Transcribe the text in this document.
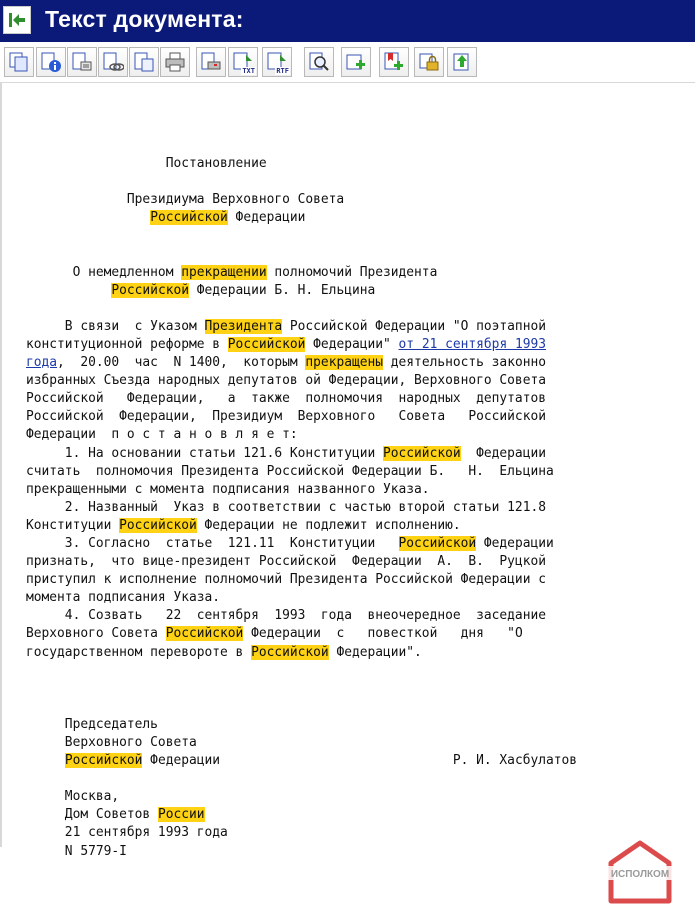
Текст документа:
TXT	RTF
Постановление

Президиума Верховного Совета
Российской Федерации

О немедленном прекращении полномочий Президента
Российской Федерации Б. Н. Ельцина

В связи  с Указом Президента Российской Федерации "О поэтапной
конституционной реформе в Российской Федерации" от 21 сентября 1993
года,  20.00  час  N 1400,  которым прекращены деятельность законно
избранных Съезда народных депутатов ой Федерации, Верховного Совета
Российской   Федерации,   а  также  полномочия  народных  депутатов
Российской  Федерации,  Президиум  Верховного   Совета   Российской
Федерации  п о с т а н о в л я е т:
1. На основании статьи 121.6 Конституции Российской  Федерации
считать  полномочия Президента Российской Федерации Б.   Н.  Ельцина
прекращенными с момента подписания названного Указа.
2. Названный  Указ в соответствии с частью второй статьи 121.8
Конституции Российской Федерации не подлежит исполнению.
3. Согласно  статье  121.11  Конституции   Российской Федерации
признать,  что вице-президент Российской  Федерации  А.  В.  Руцкой
приступил к исполнение полномочий Президента Российской Федерации с
момента подписания Указа.
4. Созвать   22  сентября  1993  года  внеочередное  заседание
Верховного Совета Российской Федерации  с   повесткой   дня   "О
государственном перевороте в Российской Федерации".

Председатель
Верховного Совета
Российской Федерации                              Р. И. Хасбулатов

Москва,
Дом Советов России
21 сентября 1993 года
N 5779-I

ИСПОЛКОМ
